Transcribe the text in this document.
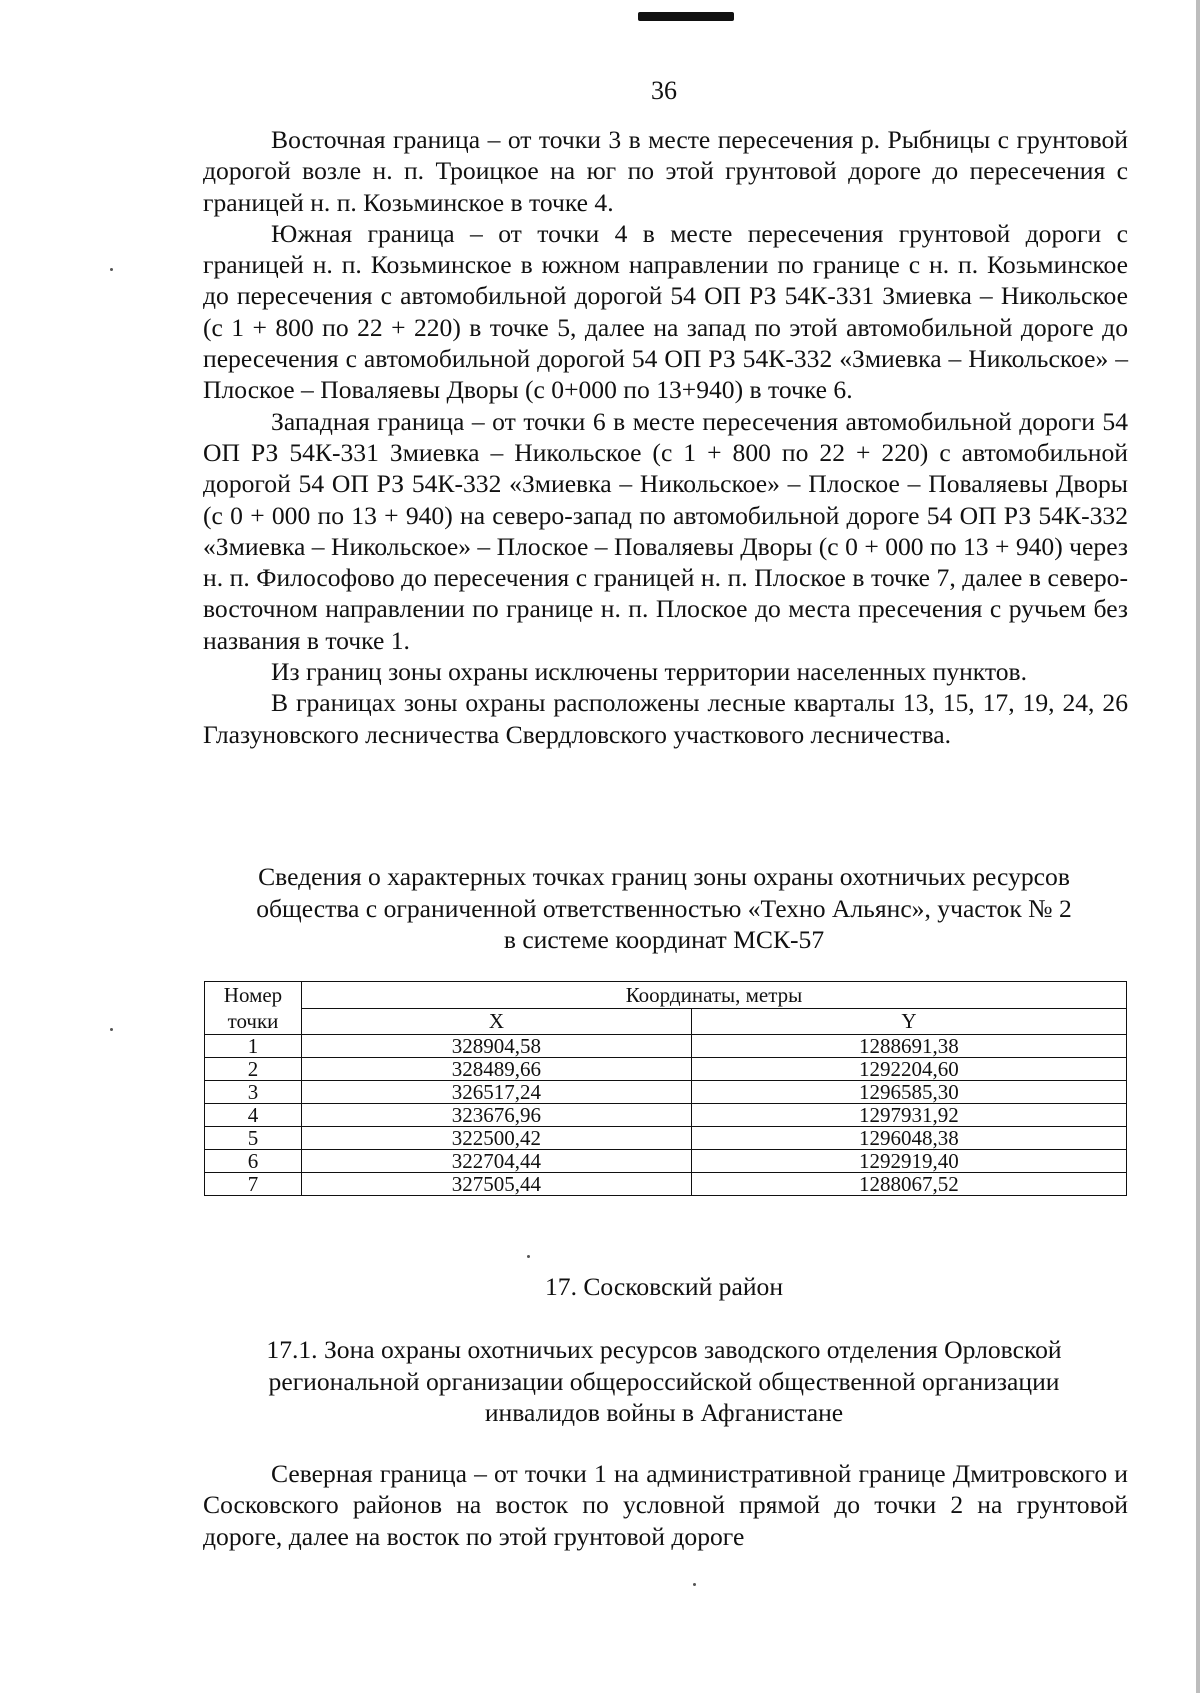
36

Восточная граница – от точки 3 в месте пересечения р. Рыбницы с грунтовой дорогой возле н. п. Троицкое на юг по этой грунтовой дороге до пересечения с границей н. п. Козьминское в точке 4.

Южная граница – от точки 4 в месте пересечения грунтовой дороги с границей н. п. Козьминское в южном направлении по границе с н. п. Козьминское до пересечения с автомобильной дорогой 54 ОП РЗ 54К-331 Змиевка – Никольское (с 1 + 800 по 22 + 220) в точке 5, далее на запад по этой автомобильной дороге до пересечения с автомобильной дорогой 54 ОП РЗ 54К-332 «Змиевка – Никольское» – Плоское – Поваляевы Дворы (с 0+000 по 13+940) в точке 6.

Западная граница – от точки 6 в месте пересечения автомобильной дороги 54 ОП РЗ 54К-331 Змиевка – Никольское (с 1 + 800 по 22 + 220) с автомобильной дорогой 54 ОП РЗ 54К-332 «Змиевка – Никольское» – Плоское – Поваляевы Дворы (с 0 + 000 по 13 + 940) на северо-запад по автомобильной дороге 54 ОП РЗ 54К-332 «Змиевка – Никольское» – Плоское – Поваляевы Дворы (с 0 + 000 по 13 + 940) через н. п. Философово до пересечения с границей н. п. Плоское в точке 7, далее в северо-восточном направлении по границе н. п. Плоское до места пресечения с ручьем без названия в точке 1.

Из границ зоны охраны исключены территории населенных пунктов.

В границах зоны охраны расположены лесные кварталы 13, 15, 17, 19, 24, 26 Глазуновского лесничества Свердловского участкового лесничества.

Сведения о характерных точках границ зоны охраны охотничьих ресурсов

общества с ограниченной ответственностью «Техно Альянс», участок № 2

в системе координат МСК-57

Номер
точки	Координаты, метры	
	X	Y
1	328904,58	1288691,38
2	328489,66	1292204,60
3	326517,24	1296585,30
4	323676,96	1297931,92
5	322500,42	1296048,38
6	322704,44	1292919,40
7	327505,44	1288067,52

17. Сосковский район

17.1. Зона охраны охотничьих ресурсов заводского отделения Орловской

региональной организации общероссийской общественной организации

инвалидов войны в Афганистане

Северная граница – от точки 1 на административной границе Дмитровского и Сосковского районов на восток по условной прямой до точки 2 на грунтовой дороге, далее на восток по этой грунтовой дороге
